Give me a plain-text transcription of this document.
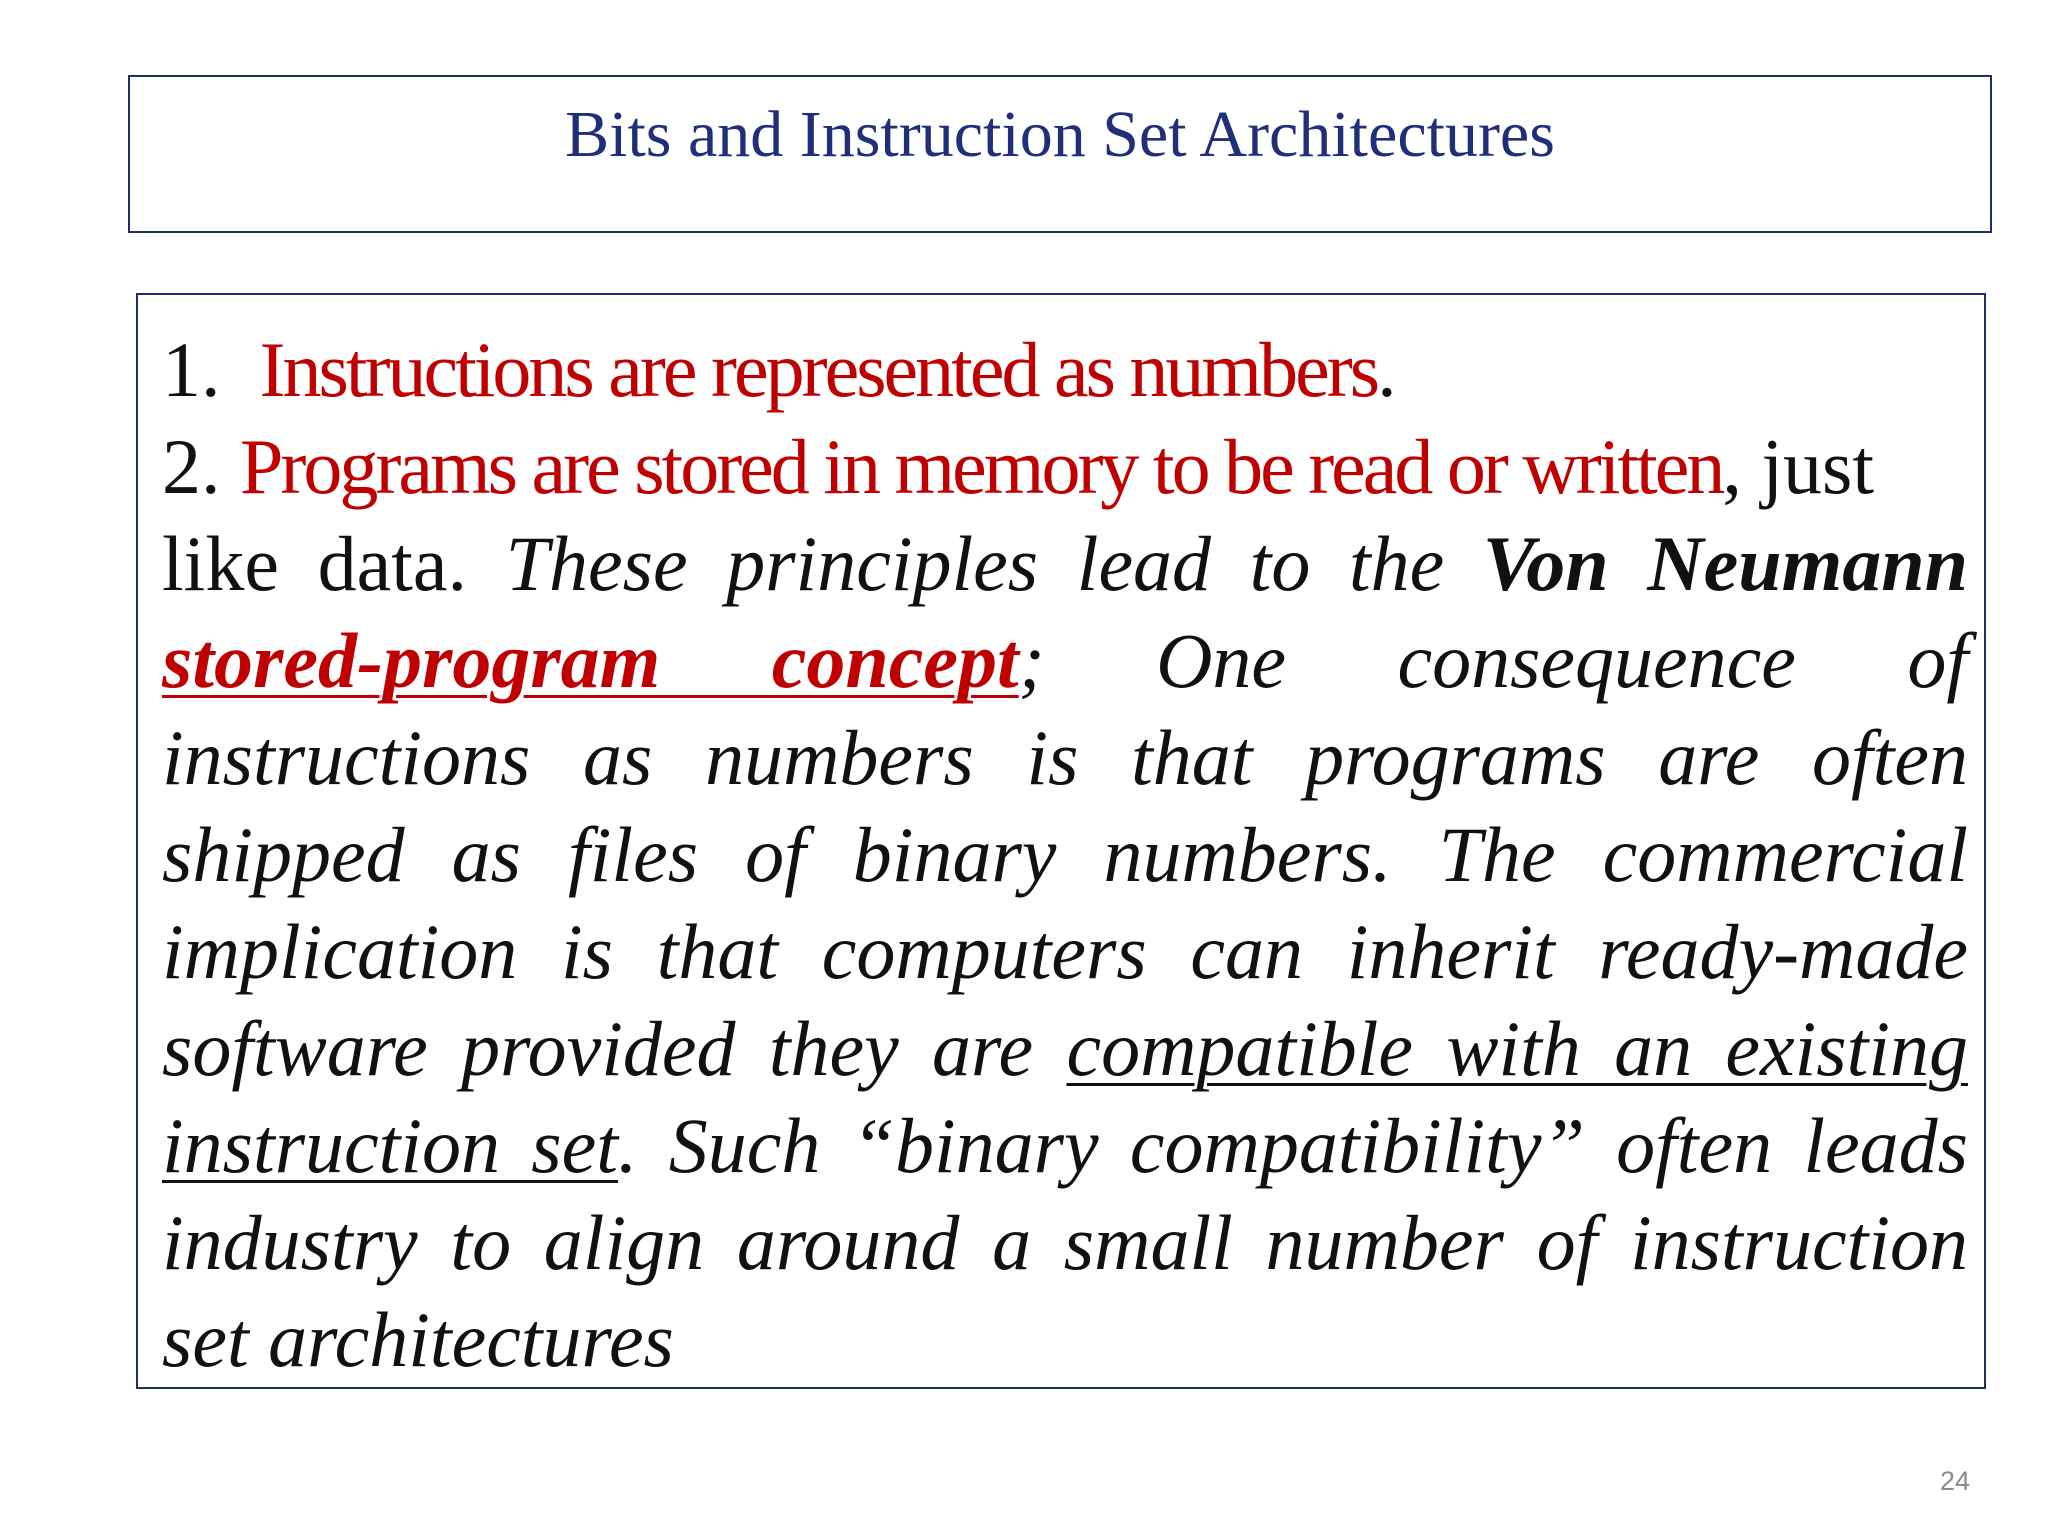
Bits and Instruction Set Architectures
1. Instructions are represented as numbers.
2. Programs are stored in memory to be read or written, just
like data. These principles lead to the Von Neumann
stored-program concept; One consequence of
instructions as numbers is that programs are often
shipped as files of binary numbers. The commercial
implication is that computers can inherit ready-made
software provided they are compatible with an existing
instruction set. Such “binary compatibility” often leads
industry to align around a small number of instruction
set architectures
24
